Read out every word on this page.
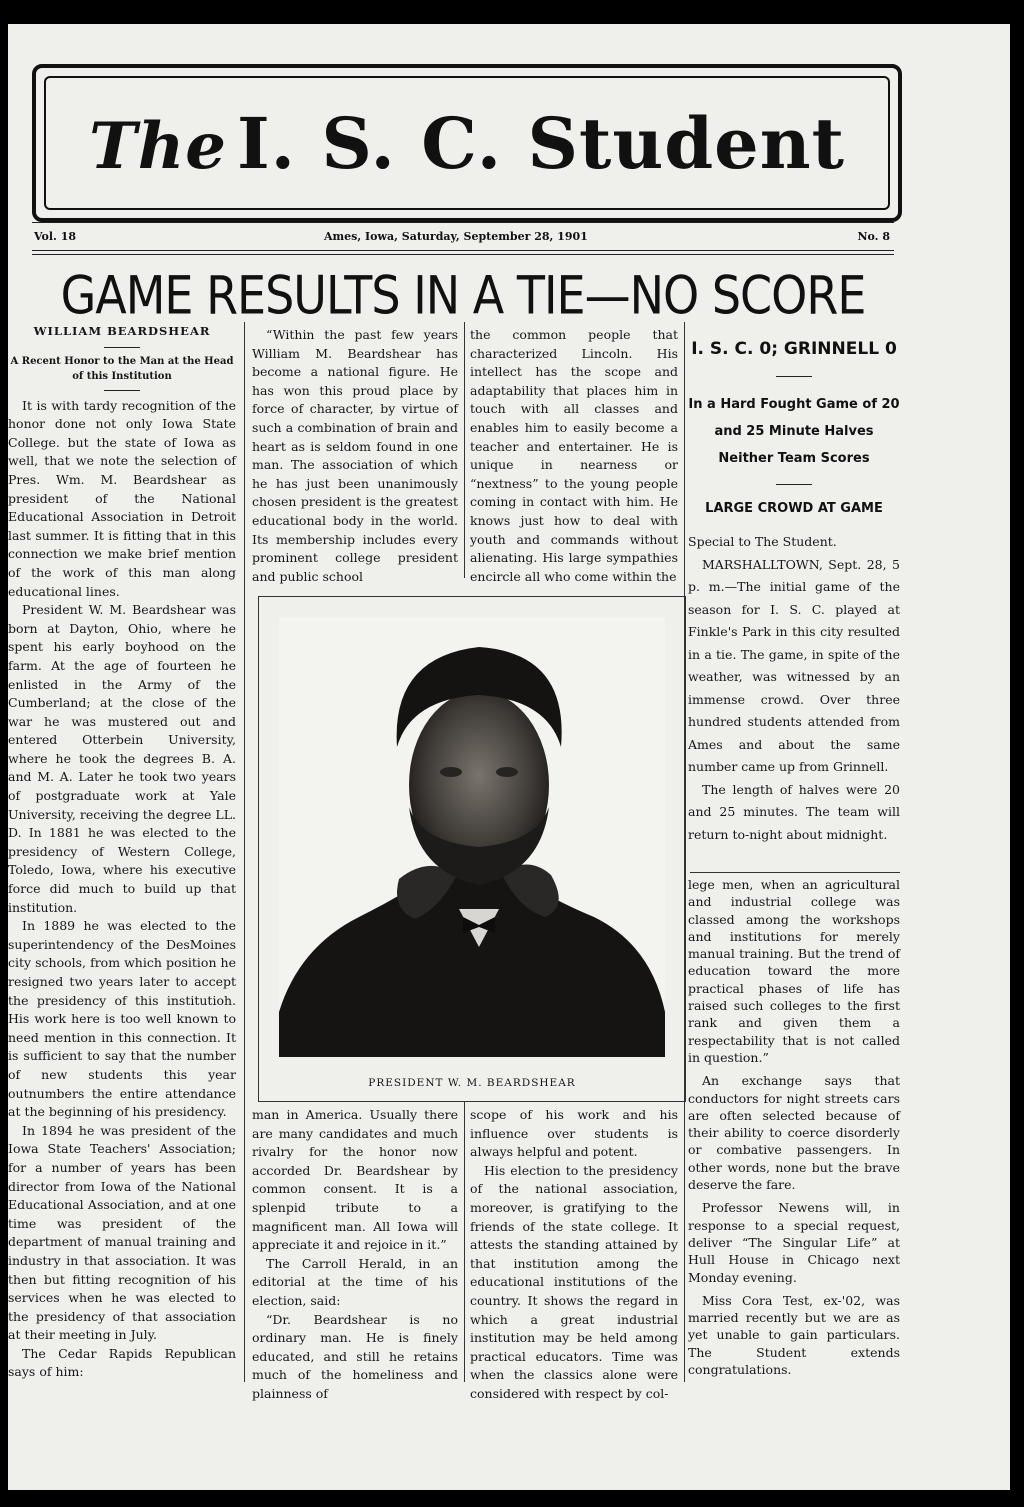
The I. S. C. Student
Vol. 18	Ames, Iowa, Saturday, September 28, 1901	No. 8
GAME RESULTS IN A TIE—NO SCORE

WILLIAM BEARDSHEAR

A Recent Honor to the Man at the Head of this Institution

It is with tardy recognition of the honor done not only Iowa State College. but the state of Iowa as well, that we note the selection of Pres. Wm. M. Beardshear as president of the National Educational Association in Detroit last summer. It is fitting that in this connection we make brief mention of the work of this man along educational lines.

President W. M. Beardshear was born at Dayton, Ohio, where he spent his early boyhood on the farm. At the age of fourteen he enlisted in the Army of the Cumberland; at the close of the war he was mustered out and entered Otterbein University, where he took the degrees B. A. and M. A. Later he took two years of postgraduate work at Yale University, receiving the degree LL. D. In 1881 he was elected to the presidency of Western College, Toledo, Iowa, where his executive force did much to build up that institution.

In 1889 he was elected to the superintendency of the DesMoines city schools, from which position he resigned two years later to accept the presidency of this institutioh. His work here is too well known to need mention in this connection. It is sufficient to say that the number of new students this year outnumbers the entire attendance at the beginning of his presidency.

In 1894 he was president of the Iowa State Teachers' Association; for a number of years has been director from Iowa of the National Educational Association, and at one time was president of the department of manual training and industry in that association. It was then but fitting recognition of his services when he was elected to the presidency of that association at their meeting in July.

The Cedar Rapids Republican says of him:

“Within the past few years William M. Beardshear has become a national figure. He has won this proud place by force of character, by virtue of such a combination of brain and heart as is seldom found in one man. The association of which he has just been unanimously chosen president is the greatest educational body in the world. Its membership includes every prominent college president and public school

the common people that characterized Lincoln. His intellect has the scope and adaptability that places him in touch with all classes and enables him to easily become a teacher and entertainer. He is unique in nearness or “nextness” to the young people coming in contact with him. He knows just how to deal with youth and commands without alienating. His large sympathies encircle all who come within the

PRESIDENT W. M. BEARDSHEAR

man in America. Usually there are many candidates and much rivalry for the honor now accorded Dr. Beardshear by common consent. It is a splenpid tribute to a magnificent man. All Iowa will appreciate it and rejoice in it.”

The Carroll Herald, in an editorial at the time of his election, said:

“Dr. Beardshear is no ordinary man. He is finely educated, and still he retains much of the homeliness and plainness of

scope of his work and his influence over students is always helpful and potent.

His election to the presidency of the national association, moreover, is gratifying to the friends of the state college. It attests the standing attained by that institution among the educational institutions of the country. It shows the regard in which a great industrial institution may be held among practical educators. Time was when the classics alone were considered with respect by col-

I. S. C. 0; GRINNELL 0

In a Hard Fought Game of 20 and 25 Minute Halves Neither Team Scores

LARGE CROWD AT GAME

Special to The Student.

MARSHALLTOWN, Sept. 28, 5 p. m.—The initial game of the season for I. S. C. played at Finkle's Park in this city resulted in a tie. The game, in spite of the weather, was witnessed by an immense crowd. Over three hundred students attended from Ames and about the same number came up from Grinnell.

The length of halves were 20 and 25 minutes. The team will return to-night about midnight.

lege men, when an agricultural and industrial college was classed among the workshops and institutions for merely manual training. But the trend of education toward the more practical phases of life has raised such colleges to the first rank and given them a respectability that is not called in question.”

An exchange says that conductors for night streets cars are often selected because of their ability to coerce disorderly or combative passengers. In other words, none but the brave deserve the fare.

Professor Newens will, in response to a special request, deliver “The Singular Life” at Hull House in Chicago next Monday evening.

Miss Cora Test, ex-'02, was married recently but we are as yet unable to gain particulars. The Student extends congratulations.
